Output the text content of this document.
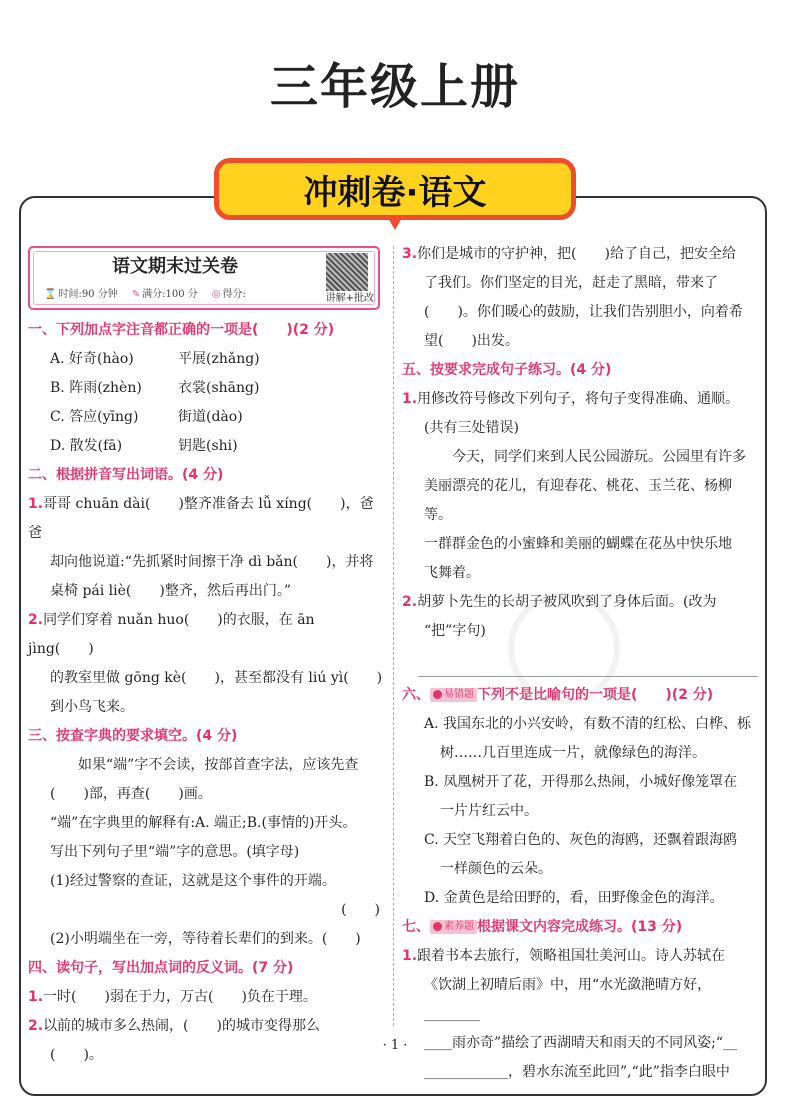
三年级上册
冲刺卷·语文
语文期末过关卷
⌛ 时间:90 分钟 ✎ 满分:100 分 ◎ 得分:	讲解+批改

一、下列加点字注音都正确的一项是(　　)(2 分)

A. 好奇(hào)	平展(zhǎng)
B. 阵雨(zhèn)	衣裳(shāng)
C. 答应(yīng)	街道(dào)
D. 散发(fā)	钥匙(shi)

二、根据拼音写出词语。(4 分)

1.哥哥 chuān dài(　　)整齐准备去 lǚ xíng(　　)，爸爸

却向他说道:“先抓紧时间擦干净 dì bǎn(　　)，并将

桌椅 pái liè(　　)整齐，然后再出门。”

2.同学们穿着 nuǎn huo(　　)的衣服，在 ān jìng(　　)

的教室里做 gōng kè(　　)，甚至都没有 liú yì(　　)

到小鸟飞来。

三、按查字典的要求填空。(4 分)

如果“端”字不会读，按部首查字法，应该先查

(　　)部，再查(　　)画。

“端”在字典里的解释有:A. 端正;B.(事情的)开头。

写出下列句子里“端”字的意思。(填字母)

(1)经过警察的查证，这就是这个事件的开端。

(　　)

(2)小明端坐在一旁，等待着长辈们的到来。(　　)

四、读句子，写出加点词的反义词。(7 分)

1.一时(　　)弱在于力，万古(　　)负在于理。

2.以前的城市多么热闹，(　　)的城市变得那么

(　　)。

3.你们是城市的守护神，把(　　)给了自己，把安全给

了我们。你们坚定的目光，赶走了黑暗，带来了

(　　)。你们暖心的鼓励，让我们告别胆小，向着希

望(　　)出发。

五、按要求完成句子练习。(4 分)

1.用修改符号修改下列句子，将句子变得准确、通顺。

(共有三处错误)

今天，同学们来到人民公园游玩。公园里有许多

美丽漂亮的花儿，有迎春花、桃花、玉兰花、杨柳等。

一群群金色的小蜜蜂和美丽的蝴蝶在花丛中快乐地

飞舞着。

2.胡萝卜先生的长胡子被风吹到了身体后面。(改为

“把”字句)

六、 易错题 下列不是比喻句的一项是(　　)(2 分)

A. 我国东北的小兴安岭，有数不清的红松、白桦、栎

树……几百里连成一片，就像绿色的海洋。

B. 凤凰树开了花，开得那么热闹，小城好像笼罩在

一片片红云中。

C. 天空飞翔着白色的、灰色的海鸥，还飘着跟海鸥

一样颜色的云朵。

D. 金黄色是给田野的，看，田野像金色的海洋。

七、 素养题 根据课文内容完成练习。(13 分)

1.跟着书本去旅行，领略祖国壮美河山。诗人苏轼在

《饮湖上初晴后雨》中，用“水光潋滟晴方好，________

____雨亦奇”描绘了西湖晴天和雨天的不同风姿;“__

____________，碧水东流至此回”,“此”指李白眼中

· 1 ·
